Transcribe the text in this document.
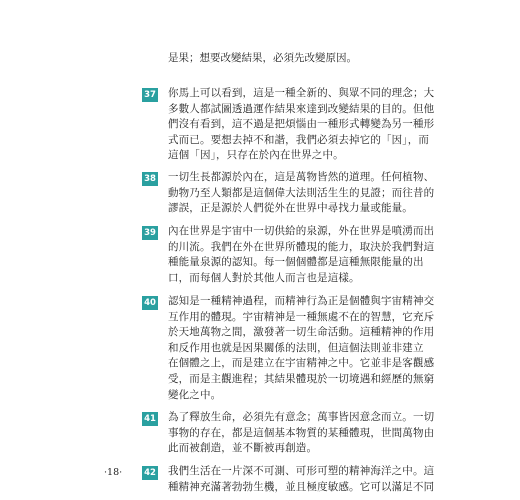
是果；想要改變結果，必須先改變原因。
37 你馬上可以看到，這是一種全新的、與眾不同的理念；大
多數人都試圖透過運作結果來達到改變結果的目的。但他
們沒有看到，這不過是把煩惱由一種形式轉變為另一種形
式而已。要想去掉不和諧，我們必須去掉它的「因」，而
這個「因」，只存在於內在世界之中。
38 一切生長都源於內在，這是萬物皆然的道理。任何植物、
動物乃至人類都是這個偉大法則活生生的見證；而往昔的
謬誤，正是源於人們從外在世界中尋找力量或能量。
39 內在世界是宇宙中一切供給的泉源，外在世界是噴湧而出
的川流。我們在外在世界所體現的能力，取決於我們對這
種能量泉源的認知。每一個個體都是這種無限能量的出
口，而每個人對於其他人而言也是這樣。
40 認知是一種精神過程，而精神行為正是個體與宇宙精神交
互作用的體現。宇宙精神是一種無處不在的智慧，它充斥
於天地萬物之間，激發著一切生命活動。這種精神的作用
和反作用也就是因果關係的法則，但這個法則並非建立
在個體之上，而是建立在宇宙精神之中。它並非是客觀感
受，而是主觀進程；其結果體現於一切境遇和經歷的無窮
變化之中。
41 為了釋放生命，必須先有意念；萬事皆因意念而立。一切
事物的存在，都是這個基本物質的某種體現，世間萬物由
此而被創造，並不斷被再創造。
42 我們生活在一片深不可測、可形可塑的精神海洋之中。這
種精神充滿著勃勃生機，並且極度敏感。它可以滿足不同
·18·
